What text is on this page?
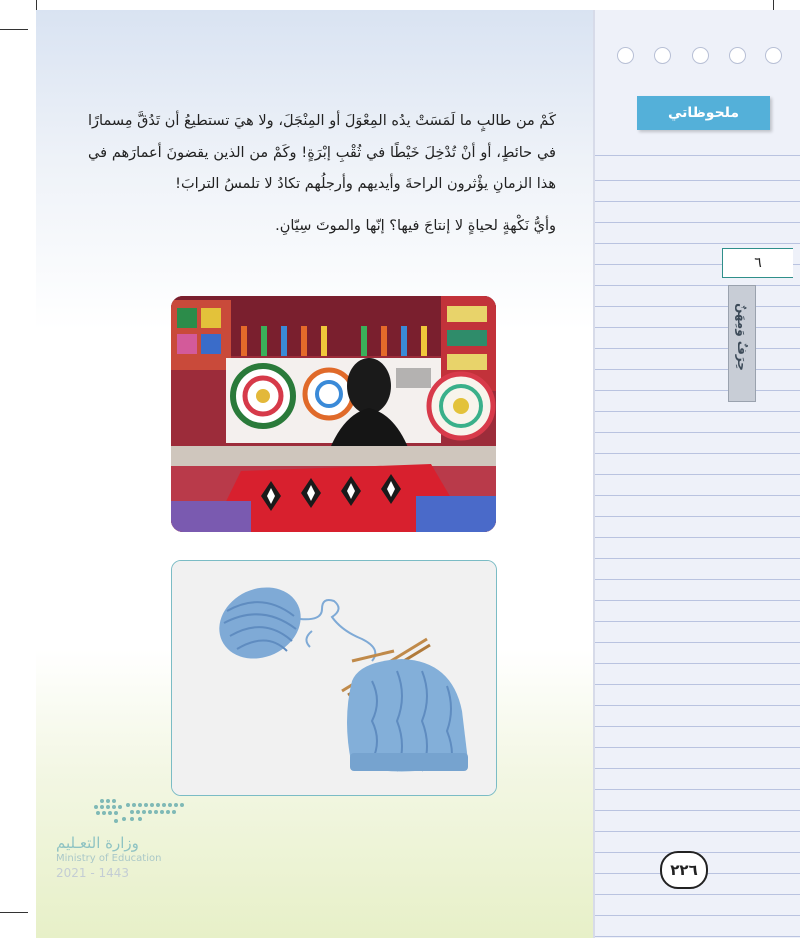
كَمْ من طالبٍ ما لَمَسَتْ يدُه المِعْوَلَ أو المِنْجَلَ، ولا هيَ تستطيعُ أن تَدُقَّ مِسمارًا في حائطٍ، أو أنْ تُدْخِلَ خَيْطًا في ثُقْبِ إبْرَةٍ! وكَمْ من الذين يقضونَ أعمارَهم في هذا الزمانِ يؤْثرون الراحةَ وأيديهم وأرجلُهم تكادُ لا تلمسُ الترابَ!

وأيُّ نَكْهةٍ لحياةٍ لا إنتاجَ فيها؟ إنّها والموتَ سِيّانِ.

وزارة التعـليم
Ministry of Education
2021 - 1443
ملحوظاتي
٦
حِرَفٌ وَمِهَنٌ
٢٢٦
